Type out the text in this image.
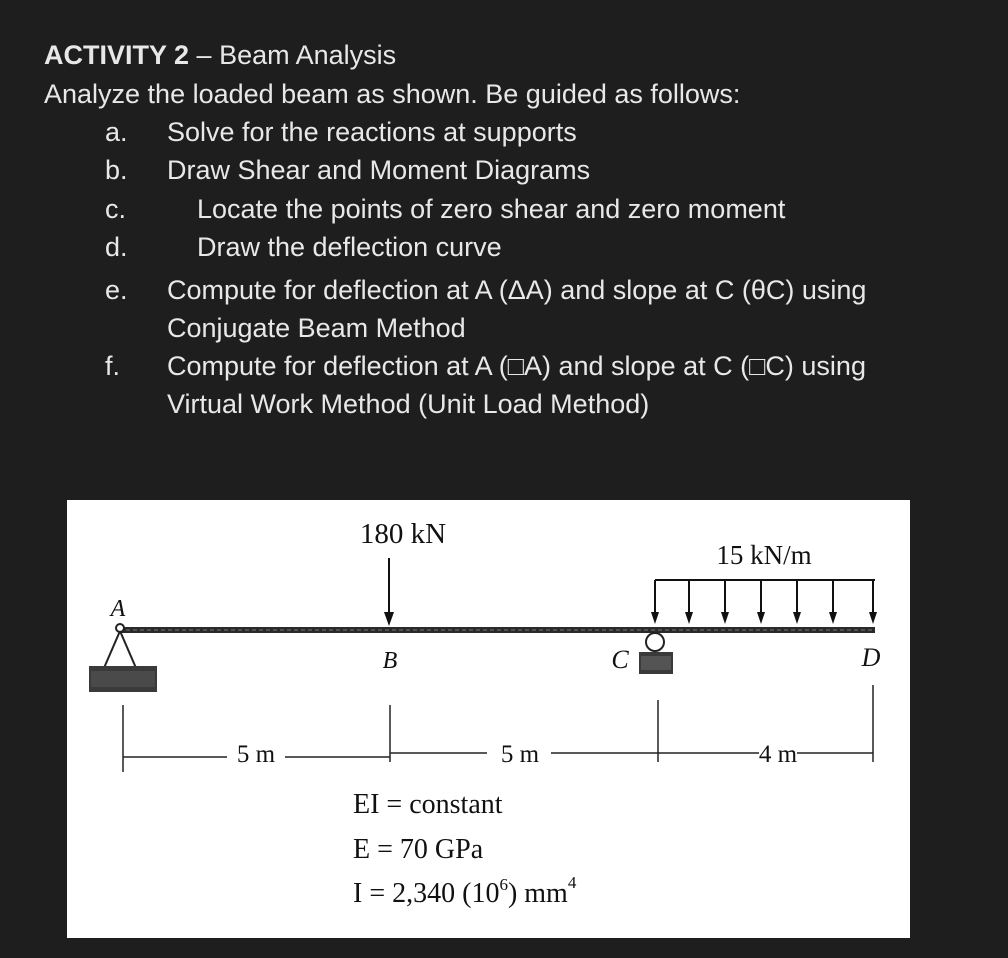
ACTIVITY 2 – Beam Analysis
Analyze the loaded beam as shown. Be guided as follows:
a. Solve for the reactions at supports
b. Draw Shear and Moment Diagrams
c.	Locate the points of zero shear and zero moment
d.	Draw the deflection curve
e. Compute for deflection at A (ΔA) and slope at C (θC) using
Conjugate Beam Method
f. Compute for deflection at A (□A) and slope at C (□C) using
Virtual Work Method (Unit Load Method)
A
180 kN
B	C
15 kN/m
D
5 m	5 m	4 m
EI = constant
E = 70 GPa
I = 2,340 $(10^6)$ $mm^4$
